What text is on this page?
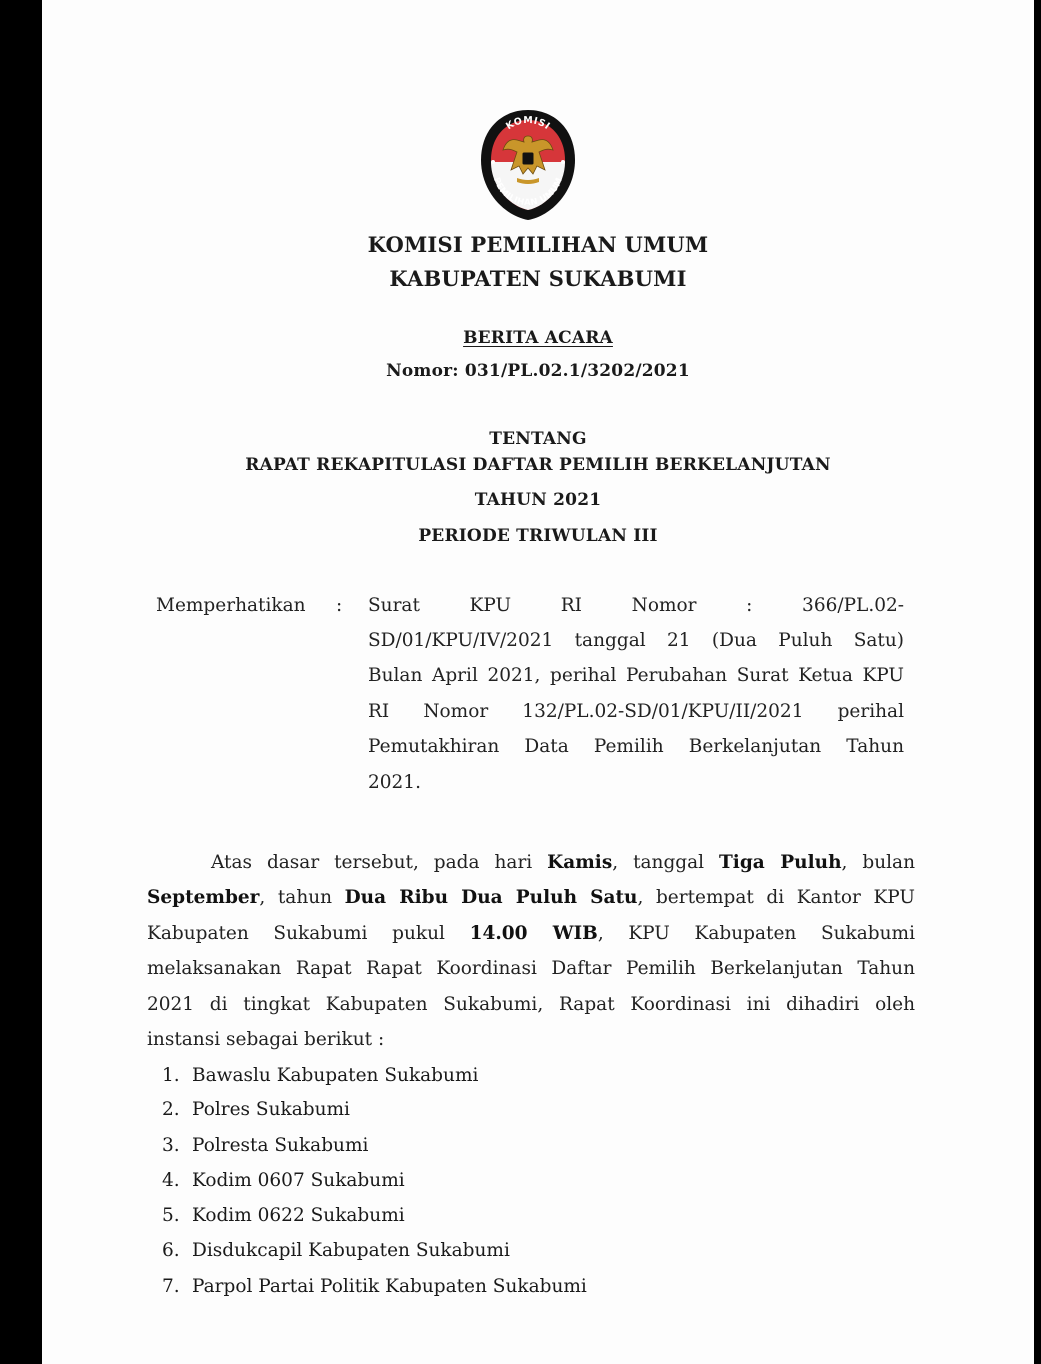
KOMISI
PEMILIHAN UMUM
KOMISI PEMILIHAN UMUM
KABUPATEN SUKABUMI
BERITA ACARA
Nomor: 031/PL.02.1/3202/2021
TENTANG
RAPAT REKAPITULASI DAFTAR PEMILIH BERKELANJUTAN
TAHUN 2021
PERIODE TRIWULAN III
Memperhatikan : Surat KPU RI Nomor : 366/PL.02-
SD/01/KPU/IV/2021 tanggal 21 (Dua Puluh Satu)
Bulan April 2021, perihal Perubahan Surat Ketua KPU
RI Nomor 132/PL.02-SD/01/KPU/II/2021 perihal
Pemutakhiran Data Pemilih Berkelanjutan Tahun
2021.
Atas dasar tersebut, pada hari Kamis, tanggal Tiga Puluh, bulan
September, tahun Dua Ribu Dua Puluh Satu, bertempat di Kantor KPU
Kabupaten Sukabumi pukul 14.00 WIB, KPU Kabupaten Sukabumi
melaksanakan Rapat Rapat Koordinasi Daftar Pemilih Berkelanjutan Tahun
2021 di tingkat Kabupaten Sukabumi, Rapat Koordinasi ini dihadiri oleh
instansi sebagai berikut :
1. Bawaslu Kabupaten Sukabumi
2. Polres Sukabumi
3. Polresta Sukabumi
4. Kodim 0607 Sukabumi
5. Kodim 0622 Sukabumi
6. Disdukcapil Kabupaten Sukabumi
7. Parpol Partai Politik Kabupaten Sukabumi
